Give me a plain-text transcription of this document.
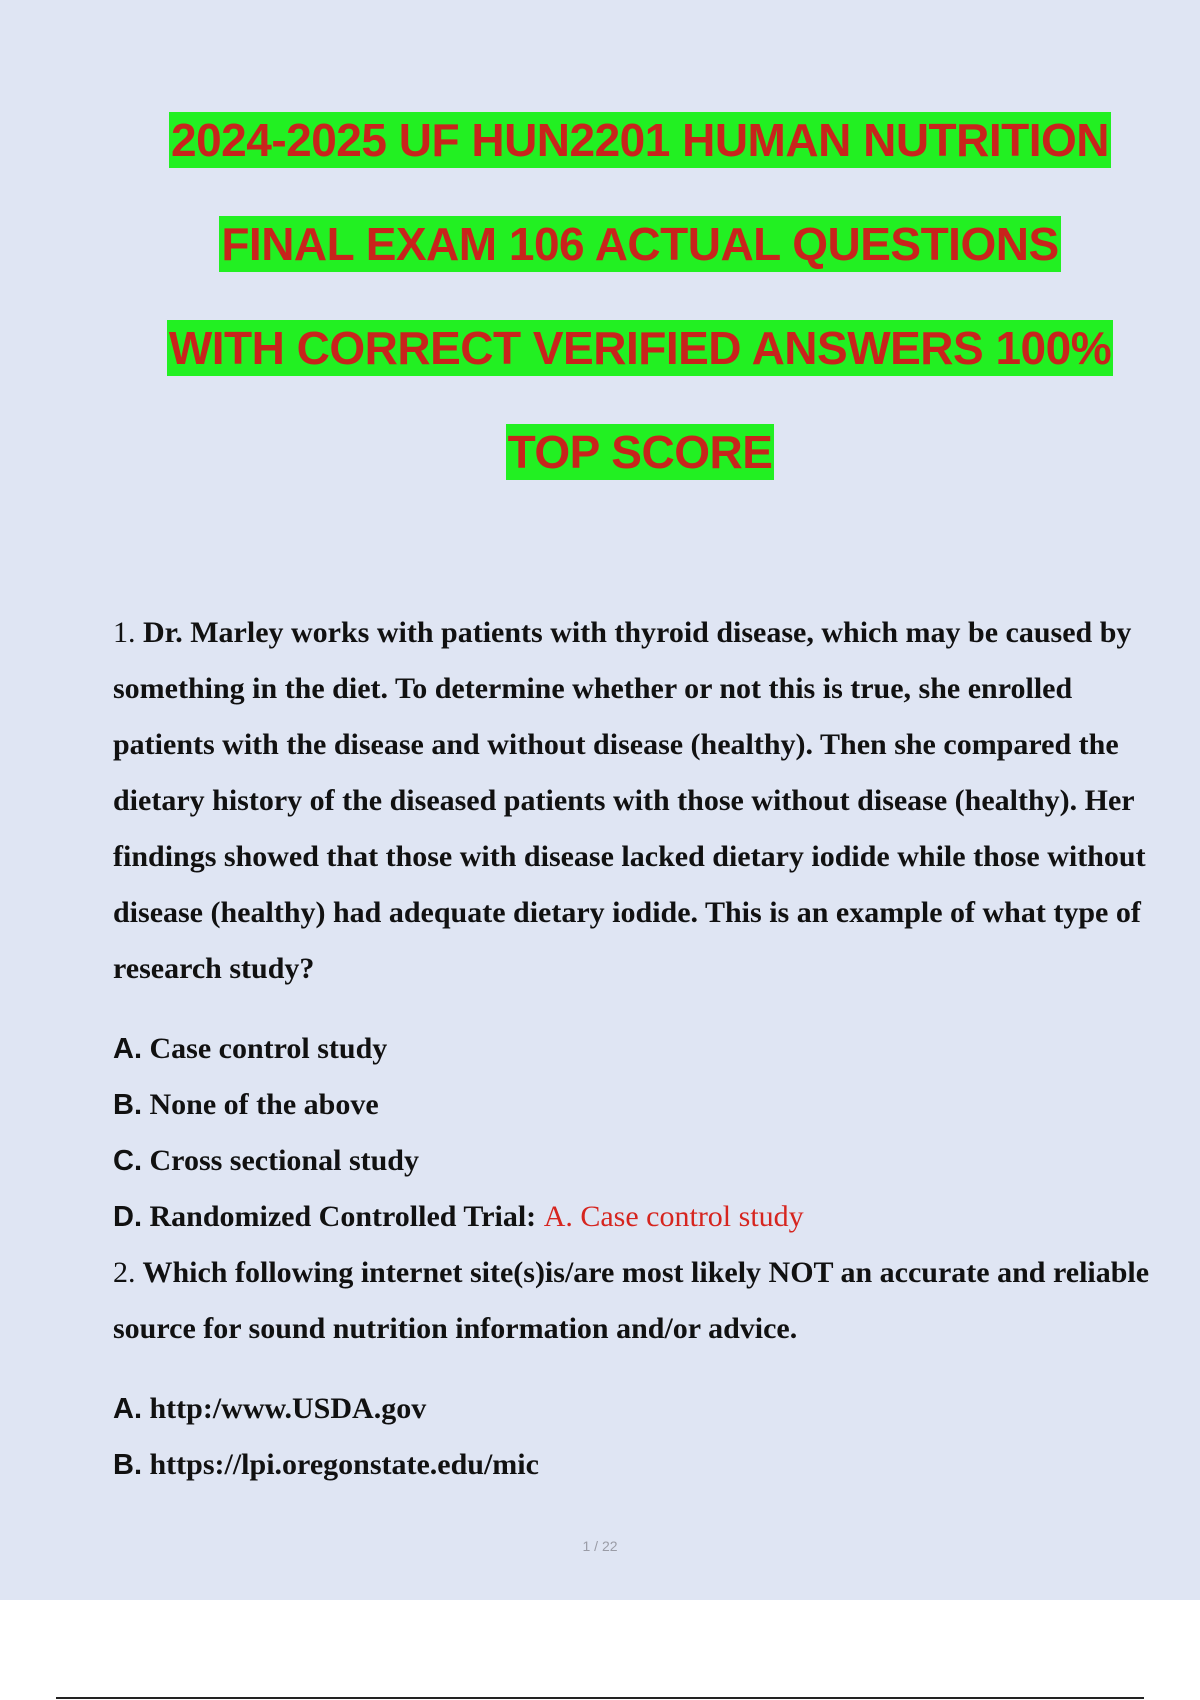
2024-2025 UF HUN2201 HUMAN NUTRITION
FINAL EXAM 106 ACTUAL QUESTIONS
WITH CORRECT VERIFIED ANSWERS 100%
TOP SCORE

1. Dr. Marley works with patients with thyroid disease, which may be caused by something in the diet. To determine whether or not this is true, she enrolled patients with the disease and without disease (healthy). Then she compared the dietary history of the diseased patients with those without disease (healthy). Her findings showed that those with disease lacked dietary iodide while those without disease (healthy) had adequate dietary iodide. This is an example of what type of research study?

A. Case control study

B. None of the above

C. Cross sectional study

D. Randomized Controlled Trial: A. Case control study

2. Which following internet site(s)is/are most likely NOT an accurate and reliable source for sound nutrition information and/or advice.

A. http:/www.USDA.gov

B. https://lpi.oregonstate.edu/mic

1 / 22
